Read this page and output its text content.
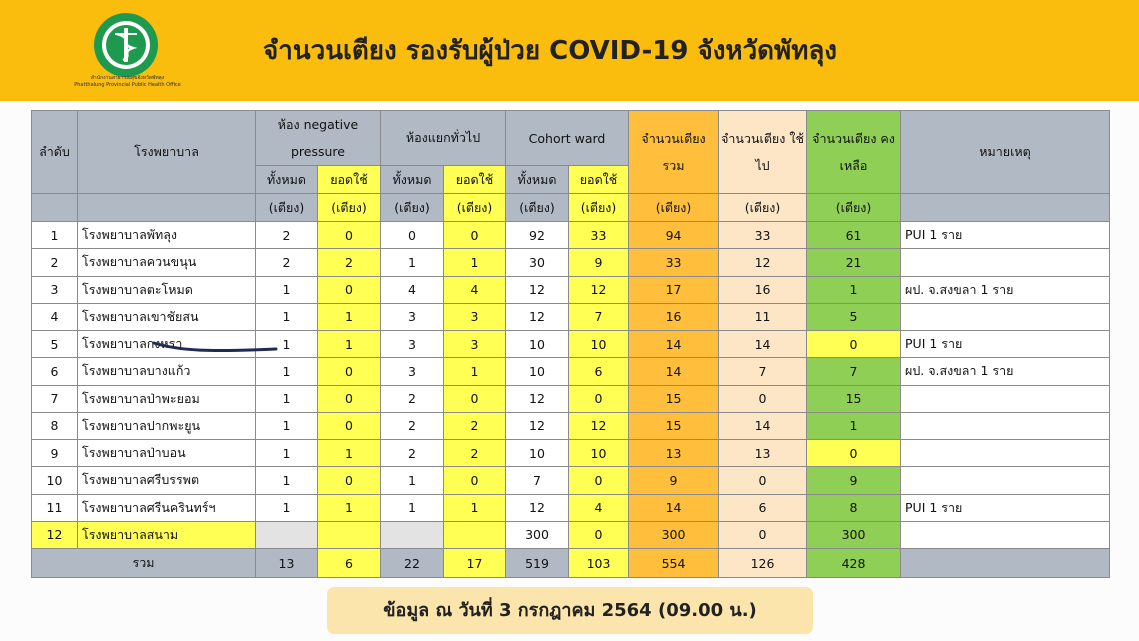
สำนักงานสาธารณสุขจังหวัดพัทลุง
Phatthalung Provincial Public Health Office
จำนวนเตียง รองรับผู้ป่วย COVID-19 จังหวัดพัทลุง
ลำดับ	โรงพยาบาล	ห้อง negative pressure		ห้องแยกทั่วไป		Cohort ward		จำนวนเตียง รวม	จำนวนเตียง ใช้ไป	จำนวนเตียง คงเหลือ	หมายเหตุ
		ทั้งหมด	ยอดใช้	ทั้งหมด	ยอดใช้	ทั้งหมด	ยอดใช้				
		(เตียง)	(เตียง)	(เตียง)	(เตียง)	(เตียง)	(เตียง)	(เตียง)	(เตียง)	(เตียง)	
1	โรงพยาบาลพัทลุง	2	0	0	0	92	33	94	33	61	PUI 1 ราย
2	โรงพยาบาลควนขนุน	2	2	1	1	30	9	33	12	21	
3	โรงพยาบาลตะโหมด	1	0	4	4	12	12	17	16	1	ผป. จ.สงขลา 1 ราย
4	โรงพยาบาลเขาชัยสน	1	1	3	3	12	7	16	11	5	
5	โรงพยาบาลกงหรา	1	1	3	3	10	10	14	14	0	PUI 1 ราย
6	โรงพยาบาลบางแก้ว	1	0	3	1	10	6	14	7	7	ผป. จ.สงขลา 1 ราย
7	โรงพยาบาลป่าพะยอม	1	0	2	0	12	0	15	0	15	
8	โรงพยาบาลปากพะยูน	1	0	2	2	12	12	15	14	1	
9	โรงพยาบาลป่าบอน	1	1	2	2	10	10	13	13	0	
10	โรงพยาบาลศรีบรรพต	1	0	1	0	7	0	9	0	9	
11	โรงพยาบาลศรีนครินทร์ฯ	1	1	1	1	12	4	14	6	8	PUI 1 ราย
12	โรงพยาบาลสนาม					300	0	300	0	300	
รวม		13	6	22	17	519	103	554	126	428	
ข้อมูล ณ วันที่ 3 กรกฎาคม 2564 (09.00 น.)
